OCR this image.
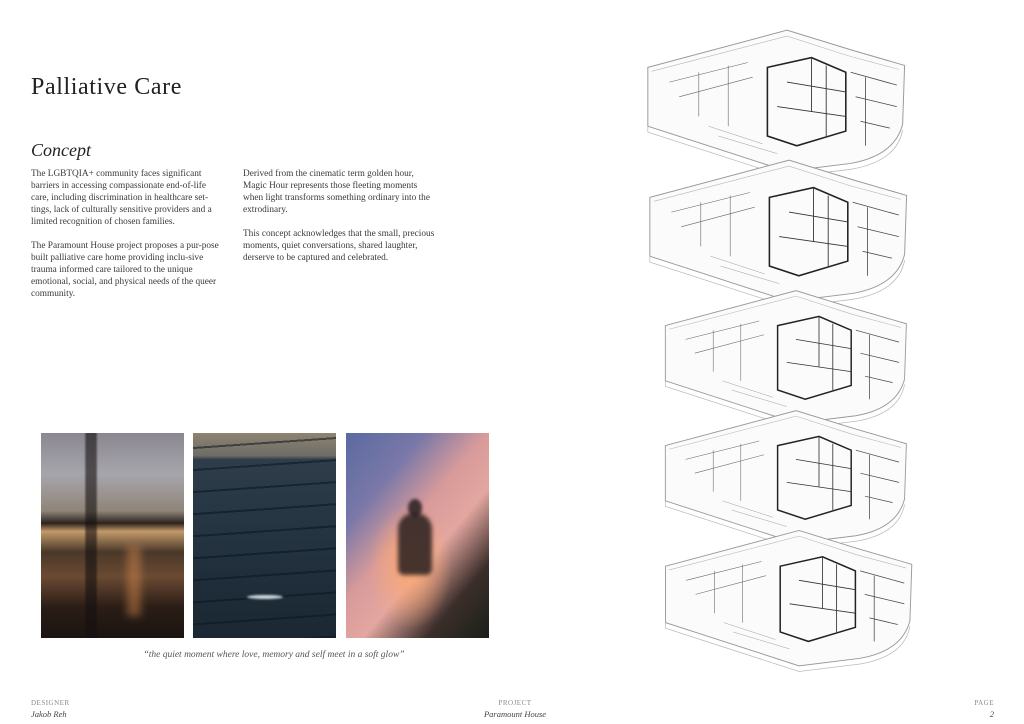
Palliative Care
Concept

The LGBTQIA+ community faces significant barriers in accessing compassionate end-of-life care, including discrimination in healthcare set-tings, lack of culturally sensitive providers and a limited recognition of chosen families.

The Paramount House project proposes a pur-pose built palliative care home providing inclu-sive trauma informed care tailored to the unique emotional, social, and physical needs of the queer community.

Derived from the cinematic term golden hour, Magic Hour represents those fleeting moments when light transforms something ordinary into the extrodinary.

This concept acknowledges that the small, precious moments, quiet conversations, shared laughter, derserve to be captured and celebrated.

“the quiet moment where love, memory and self meet in a soft glow”
DESIGNER
Jakob Reh
PROJECT
Paramount House
PAGE
2
